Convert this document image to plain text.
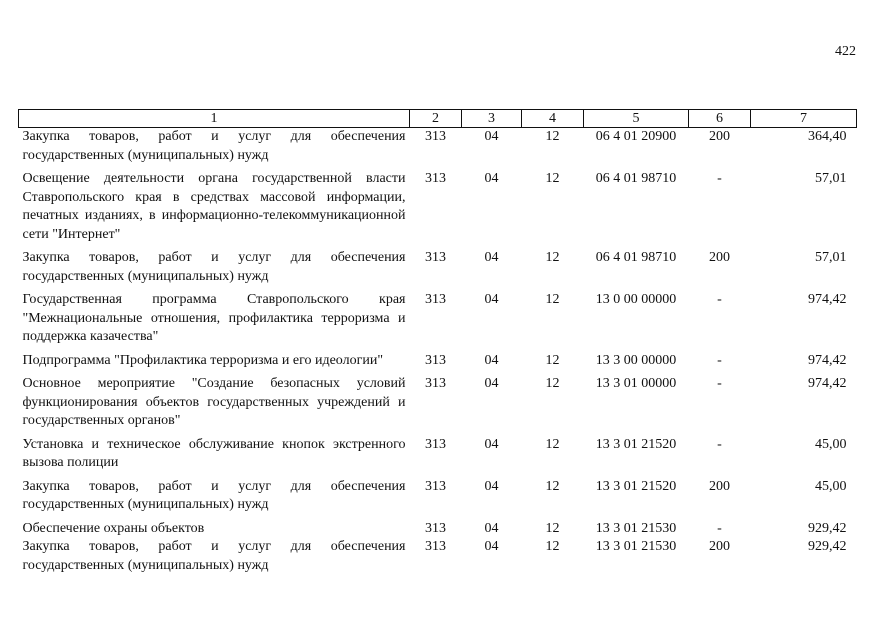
422
1	2	3	4	5	6	7
Закупка товаров, работ и услуг для обеспечения государственных (муниципальных) нужд	313	04	12	06 4 01 20900	200	364,40
Освещение деятельности органа государственной власти Ставропольского края в средствах массовой информации, печатных изданиях, в информационно-телекоммуникационной сети "Интернет"	313	04	12	06 4 01 98710	-	57,01
Закупка товаров, работ и услуг для обеспечения государственных (муниципальных) нужд	313	04	12	06 4 01 98710	200	57,01
Государственная программа Ставропольского края "Межнациональные отношения, профилактика терроризма и поддержка казачества"	313	04	12	13 0 00 00000	-	974,42
Подпрограмма "Профилактика терроризма и его идеологии"	313	04	12	13 3 00 00000	-	974,42
Основное мероприятие "Создание безопасных условий функционирования объектов государственных учреждений и государственных органов"	313	04	12	13 3 01 00000	-	974,42
Установка и техническое обслуживание кнопок экстренного вызова полиции	313	04	12	13 3 01 21520	-	45,00
Закупка товаров, работ и услуг для обеспечения государственных (муниципальных) нужд	313	04	12	13 3 01 21520	200	45,00
Обеспечение охраны объектов	313	04	12	13 3 01 21530	-	929,42
Закупка товаров, работ и услуг для обеспечения государственных (муниципальных) нужд	313	04	12	13 3 01 21530	200	929,42
